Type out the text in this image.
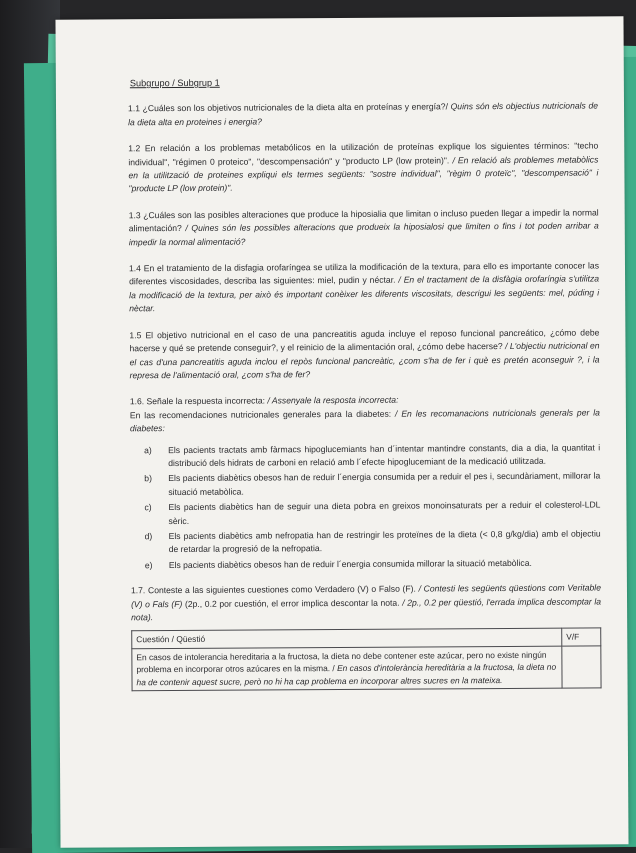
Subgrupo / Subgrup 1

1.1 ¿Cuáles son los objetivos nutricionales de la dieta alta en proteínas y energía?/ Quins són els objectius nutricionals de la dieta alta en proteines i energia?

1.2 En relación a los problemas metabólicos en la utilización de proteínas explique los siguientes términos: "techo individual", "régimen 0 proteico", "descompensación" y "producto LP (low protein)". / En relació als problemes metabòlics en la utilització de proteines expliqui els termes següents: "sostre individual", "règim 0 proteïc", "descompensació" i "producte LP (low protein)".

1.3 ¿Cuáles son las posibles alteraciones que produce la hiposialia que limitan o incluso pueden llegar a impedir la normal alimentación? / Quines són les possibles alteracions que produeix la hiposialosi que limiten o fins i tot poden arribar a impedir la normal alimentació?

1.4 En el tratamiento de la disfagia orofaríngea se utiliza la modificación de la textura, para ello es importante conocer las diferentes viscosidades, describa las siguientes: miel, pudin y néctar. / En el tractament de la disfàgia orofaríngia s'utilitza la modificació de la textura, per això és important conèixer les diferents viscositats, descrigui les següents: mel, púding i nèctar.

1.5 El objetivo nutricional en el caso de una pancreatitis aguda incluye el reposo funcional pancreático, ¿cómo debe hacerse y qué se pretende conseguir?, y el reinicio de la alimentación oral, ¿cómo debe hacerse? / L'objectiu nutricional en el cas d'una pancreatitis aguda inclou el repòs funcional pancreàtic, ¿com s'ha de fer i què es pretén aconseguir ?, i la represa de l'alimentació oral, ¿com s'ha de fer?

1.6. Señale la respuesta incorrecta: / Assenyale la resposta incorrecta:
En las recomendaciones nutricionales generales para la diabetes: / En les recomanacions nutricionals generals per la diabetes:
a)	Els pacients tractats amb fàrmacs hipoglucemiants han d´intentar mantindre constants, dia a dia, la quantitat i distribució dels hidrats de carboni en relació amb l´efecte hipoglucemiant de la medicació utilitzada.
b)	Els pacients diabètics obesos han de reduir l´energia consumida per a reduir el pes i, secundàriament, millorar la situació metabòlica.
c)	Els pacients diabètics han de seguir una dieta pobra en greixos monoinsaturats per a reduir el colesterol-LDL sèric.
d)	Els pacients diabètics amb nefropatia han de restringir les proteïnes de la dieta (< 0,8 g/kg/dia) amb el objectiu de retardar la progresió de la nefropatia.
e)	Els pacients diabètics obesos han de reduir l´energia consumida millorar la situació metabòlica.

1.7. Conteste a las siguientes cuestiones como Verdadero (V) o Falso (F). / Contesti les següents qüestions com Veritable (V) o Fals (F) (2p., 0.2 por cuestión, el error implica descontar la nota. / 2p., 0.2 per qüestió, l'errada implica descomptar la nota).

Cuestión / Qüestió	V/F
En casos de intolerancia hereditaria a la fructosa, la dieta no debe contener este azúcar, pero no existe ningún problema en incorporar otros azúcares en la misma. / En casos d'intolerància hereditària a la fructosa, la dieta no ha de contenir aquest sucre, però no hi ha cap problema en incorporar altres sucres en la mateixa.	
